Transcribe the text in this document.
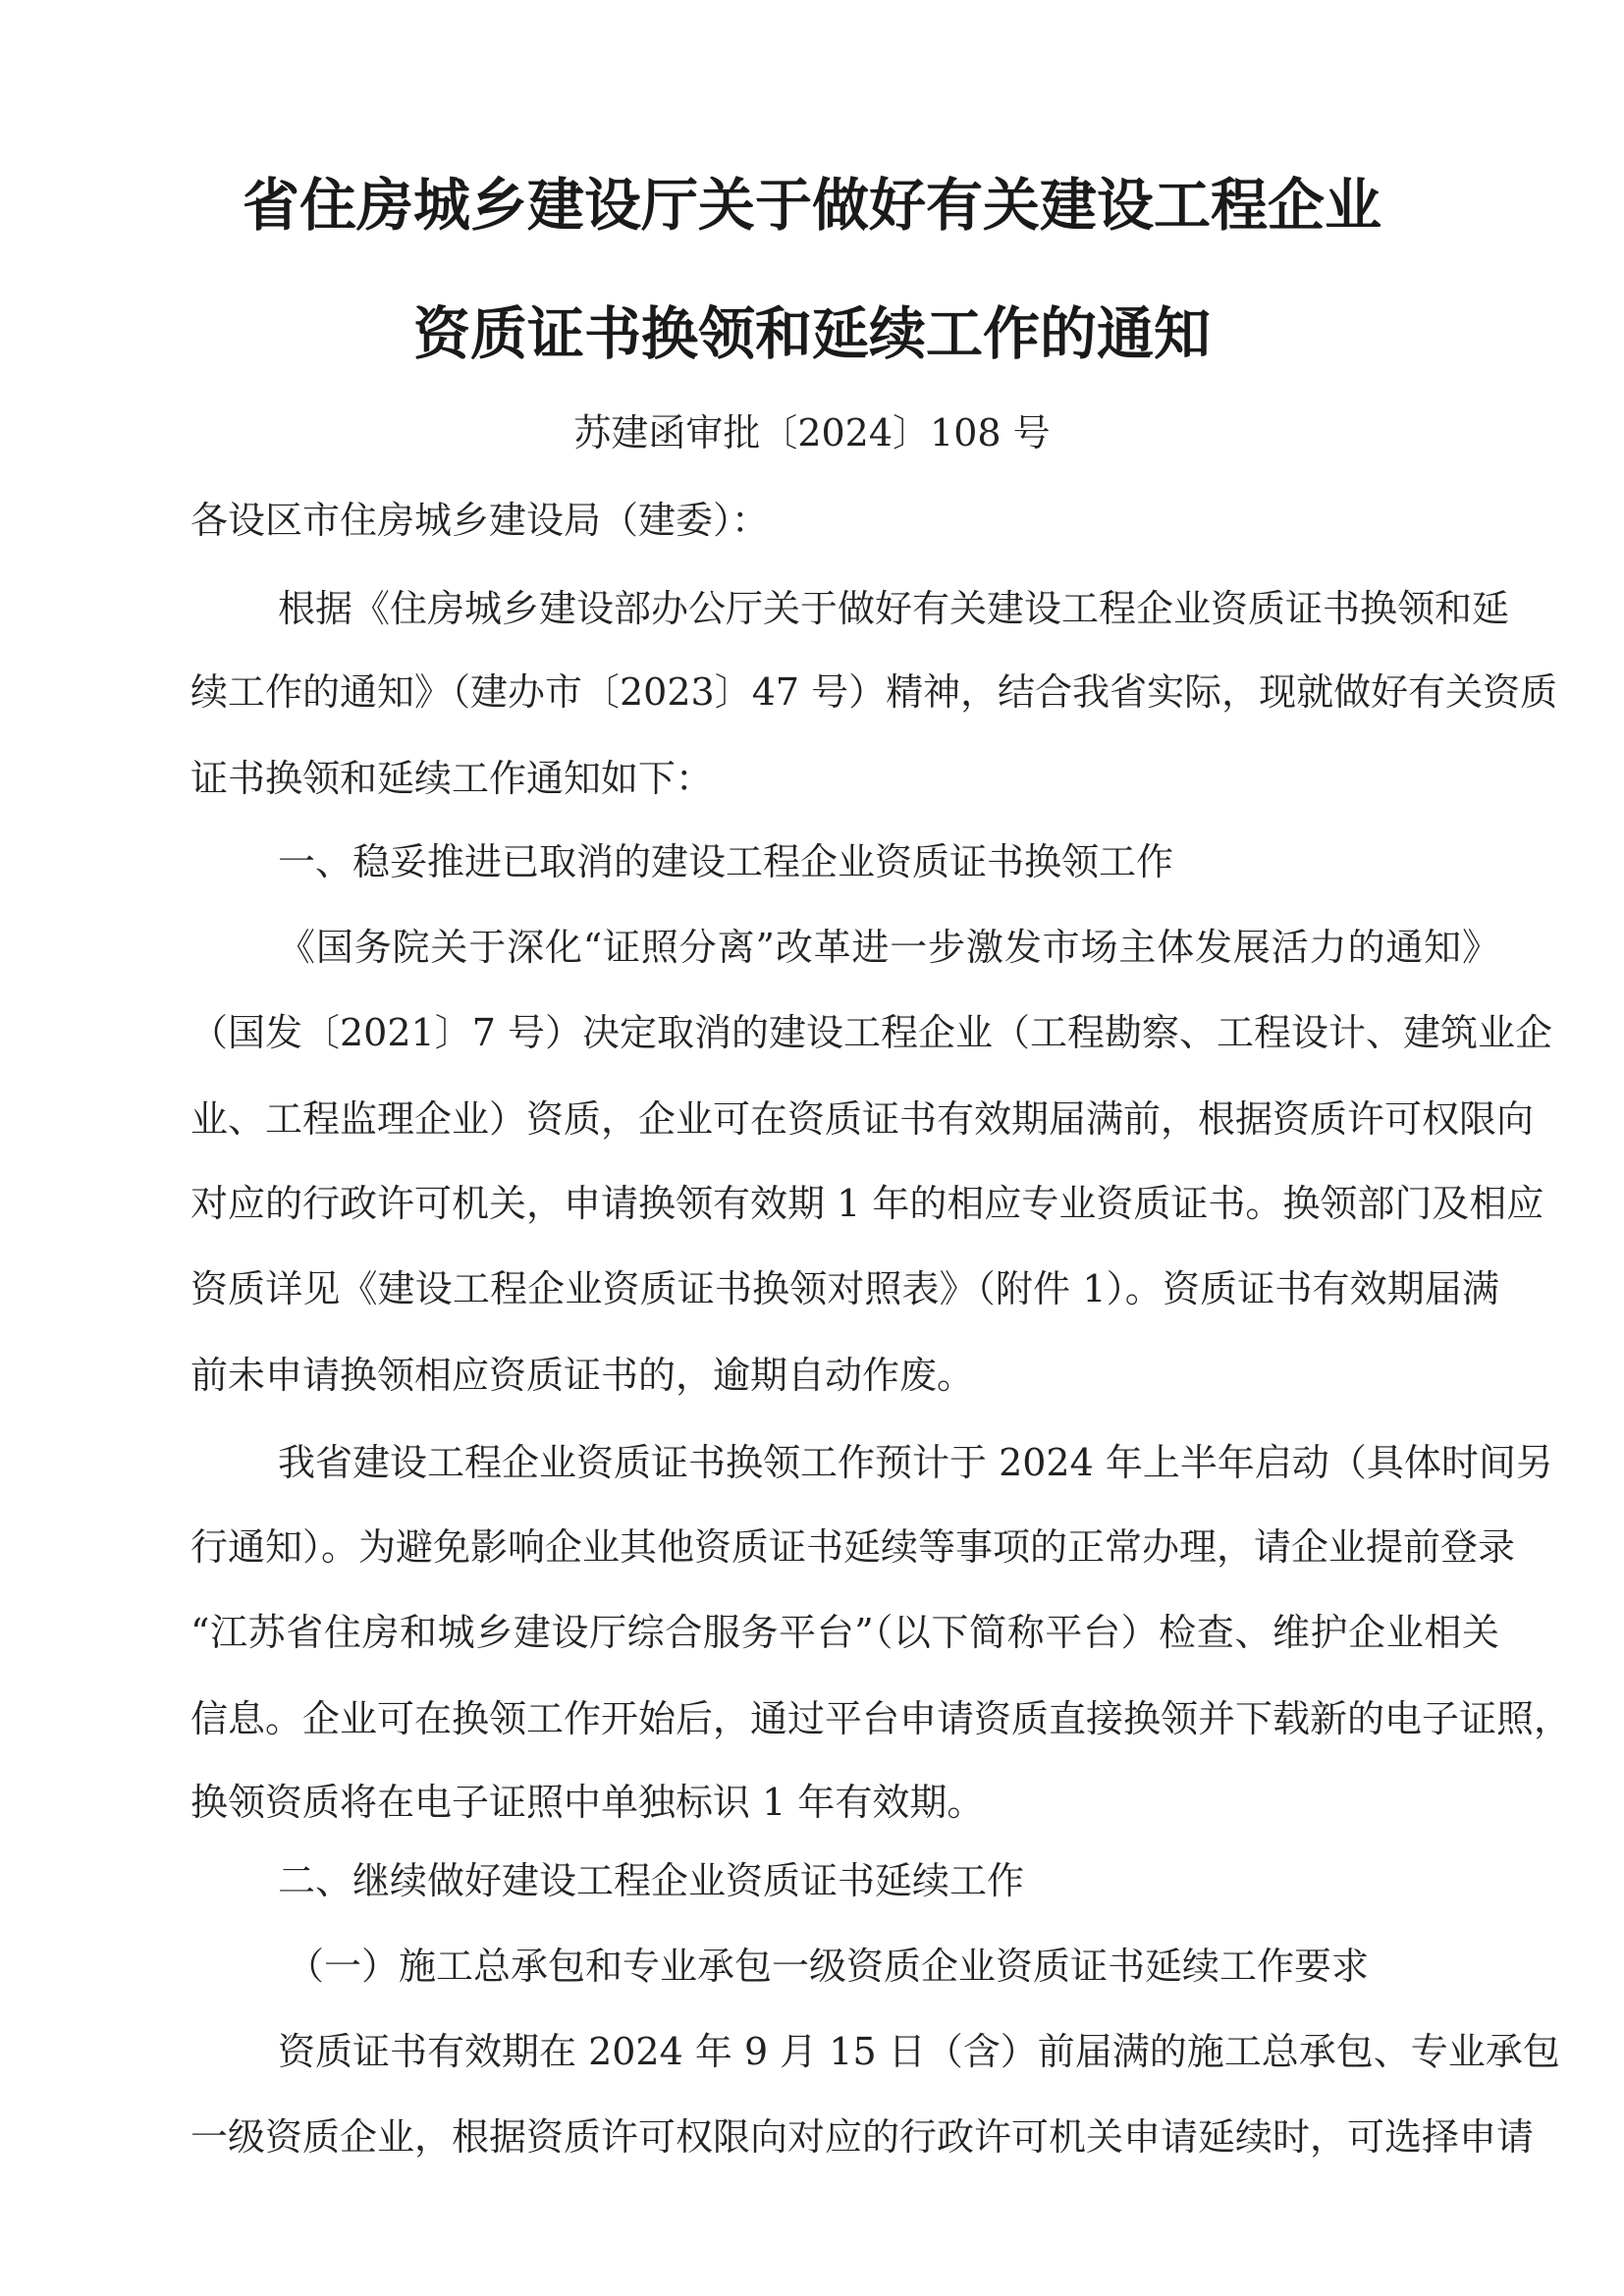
省住房城乡建设厅关于做好有关建设工程企业
资质证书换领和延续工作的通知
苏建函审批〔2024〕108 号
各设区市住房城乡建设局（建委）：
根据《住房城乡建设部办公厅关于做好有关建设工程企业资质证书换领和延
续工作的通知》（建办市〔2023〕47 号）精神，结合我省实际，现就做好有关资质
证书换领和延续工作通知如下：
一、稳妥推进已取消的建设工程企业资质证书换领工作
《国务院关于深化“证照分离”改革进一步激发市场主体发展活力的通知》
（国发〔2021〕7 号）决定取消的建设工程企业（工程勘察、工程设计、建筑业企
业、工程监理企业）资质，企业可在资质证书有效期届满前，根据资质许可权限向
对应的行政许可机关，申请换领有效期 1 年的相应专业资质证书。换领部门及相应
资质详见《建设工程企业资质证书换领对照表》（附件 1）。资质证书有效期届满
前未申请换领相应资质证书的，逾期自动作废。
我省建设工程企业资质证书换领工作预计于 2024 年上半年启动（具体时间另
行通知）。为避免影响企业其他资质证书延续等事项的正常办理，请企业提前登录
“江苏省住房和城乡建设厅综合服务平台”（以下简称平台）检查、维护企业相关
信息。企业可在换领工作开始后，通过平台申请资质直接换领并下载新的电子证照，
换领资质将在电子证照中单独标识 1 年有效期。
二、继续做好建设工程企业资质证书延续工作
（一）施工总承包和专业承包一级资质企业资质证书延续工作要求
资质证书有效期在 2024 年 9 月 15 日（含）前届满的施工总承包、专业承包
一级资质企业，根据资质许可权限向对应的行政许可机关申请延续时，可选择申请
